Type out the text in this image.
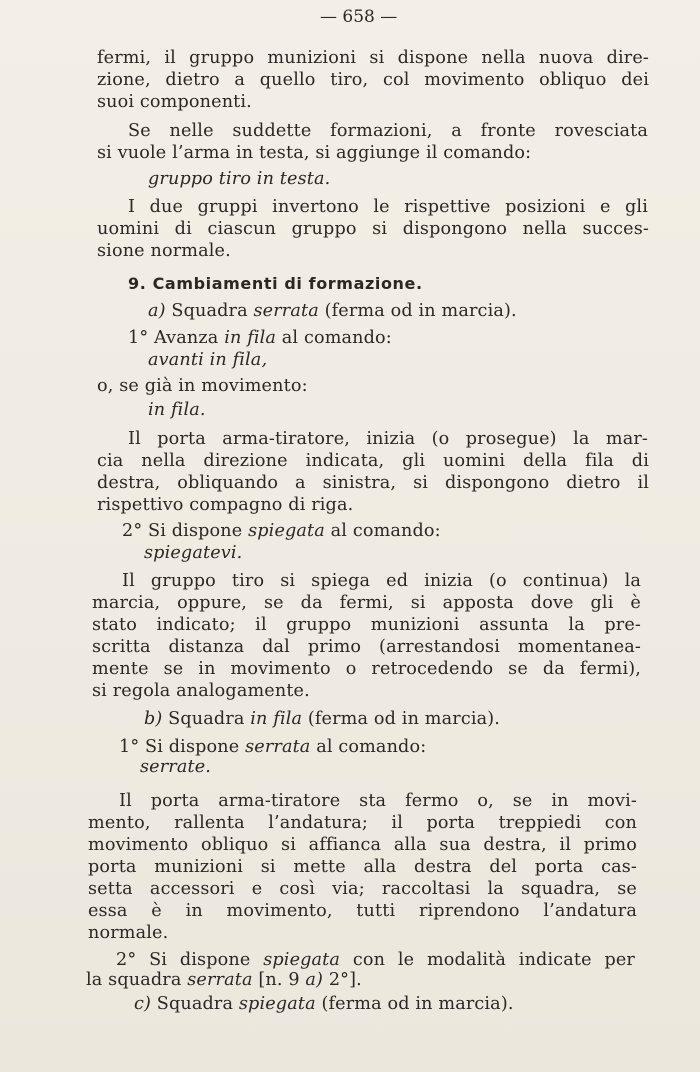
— 658 —
fermi, il gruppo munizioni si dispone nella nuova dire-
zione, dietro a quello tiro, col movimento obliquo dei
suoi componenti.
Se nelle suddette formazioni, a fronte rovesciata
si vuole l’arma in testa, si aggiunge il comando:
gruppo tiro in testa.
I due gruppi invertono le rispettive posizioni e gli
uomini di ciascun gruppo si dispongono nella succes-
sione normale.
9. Cambiamenti di formazione.
a) Squadra serrata (ferma od in marcia).
1° Avanza in fila al comando:
avanti in fila,
o, se già in movimento:
in fila.
Il porta arma-tiratore, inizia (o prosegue) la mar-
cia nella direzione indicata, gli uomini della fila di
destra, obliquando a sinistra, si dispongono dietro il
rispettivo compagno di riga.
2° Si dispone spiegata al comando:
spiegatevi.
Il gruppo tiro si spiega ed inizia (o continua) la
marcia, oppure, se da fermi, si apposta dove gli è
stato indicato; il gruppo munizioni assunta la pre-
scritta distanza dal primo (arrestandosi momentanea-
mente se in movimento o retrocedendo se da fermi),
si regola analogamente.
b) Squadra in fila (ferma od in marcia).
1° Si dispone serrata al comando:
serrate.
Il porta arma-tiratore sta fermo o, se in movi-
mento, rallenta l’andatura; il porta treppiedi con
movimento obliquo si affianca alla sua destra, il primo
porta munizioni si mette alla destra del porta cas-
setta accessori e così via; raccoltasi la squadra, se
essa è in movimento, tutti riprendono l’andatura
normale.
2° Si dispone spiegata con le modalità indicate per
la squadra serrata [n. 9 a) 2°].
c) Squadra spiegata (ferma od in marcia).
